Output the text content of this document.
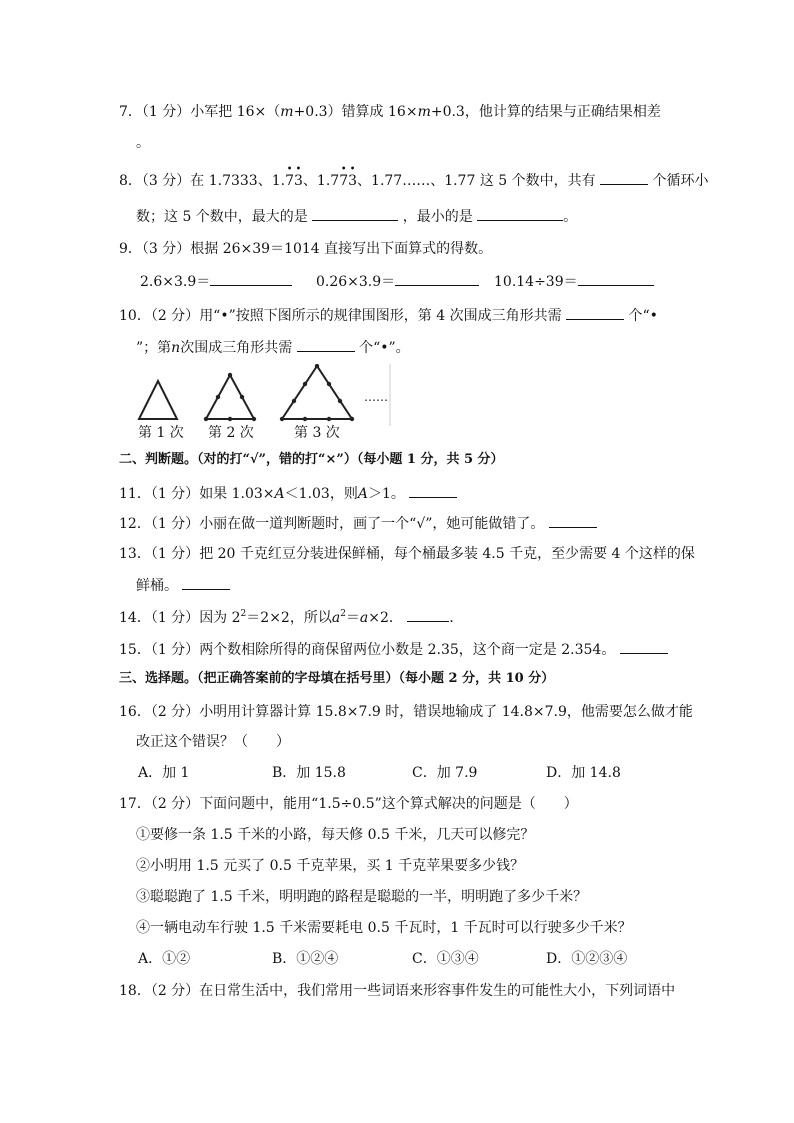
7．（1 分）小军把 16×（m+0.3）错算成 16×m+0.3，他计算的结果与正确结果相差
。
8．（3 分）在 1.7333、1.
•
7
•
3、1.7
•
7
•
3、1.77……、1.77 这 5 个数中，共有	个循环小
数；这 5 个数中，最大的是	，最小的是	。
9．（3 分）根据 26×39＝1014 直接写出下面算式的得数。
2.6×3.9＝	0.26×3.9＝	10.14÷39＝
10．（2 分）用“•”按照下图所示的规律围图形，第 4 次围成三角形共需	个“•
”；第n次围成三角形共需	个“•”。
……
第 1 次 第 2 次	第 3 次
二、判断题。（对的打“√”，错的打“×”）（每小题 1 分，共 5 分）
11．（1 分）如果 1.03×A＜1.03，则A＞1。
12．（1 分）小丽在做一道判断题时，画了一个“√”，她可能做错了。
13．（1 分）把 20 千克红豆分装进保鲜桶，每个桶最多装 4.5 千克，至少需要 4 个这样的保
鲜桶。
14．（1 分）因为 $2^2=2\times 2$，所以$a^2=a\times 2$．	．
15．（1 分）两个数相除所得的商保留两位小数是 2.35，这个商一定是 2.354。
三、选择题。（把正确答案前的字母填在括号里）（每小题 2 分，共 10 分）
16．（2 分）小明用计算器计算 15.8×7.9 时，错误地输成了 14.8×7.9，他需要怎么做才能
改正这个错误？（　　）
A．加 1	B．加 15.8	C．加 7.9	D．加 14.8
17．（2 分）下面问题中，能用“1.5÷0.5”这个算式解决的问题是（　　）
①要修一条 1.5 千米的小路，每天修 0.5 千米，几天可以修完？
②小明用 1.5 元买了 0.5 千克苹果，买 1 千克苹果要多少钱？
③聪聪跑了 1.5 千米，明明跑的路程是聪聪的一半，明明跑了多少千米？
④一辆电动车行驶 1.5 千米需要耗电 0.5 千瓦时，1 千瓦时可以行驶多少千米？
A．①②	B．①②④	C．①③④	D．①②③④
18．（2 分）在日常生活中，我们常用一些词语来形容事件发生的可能性大小，下列词语中
